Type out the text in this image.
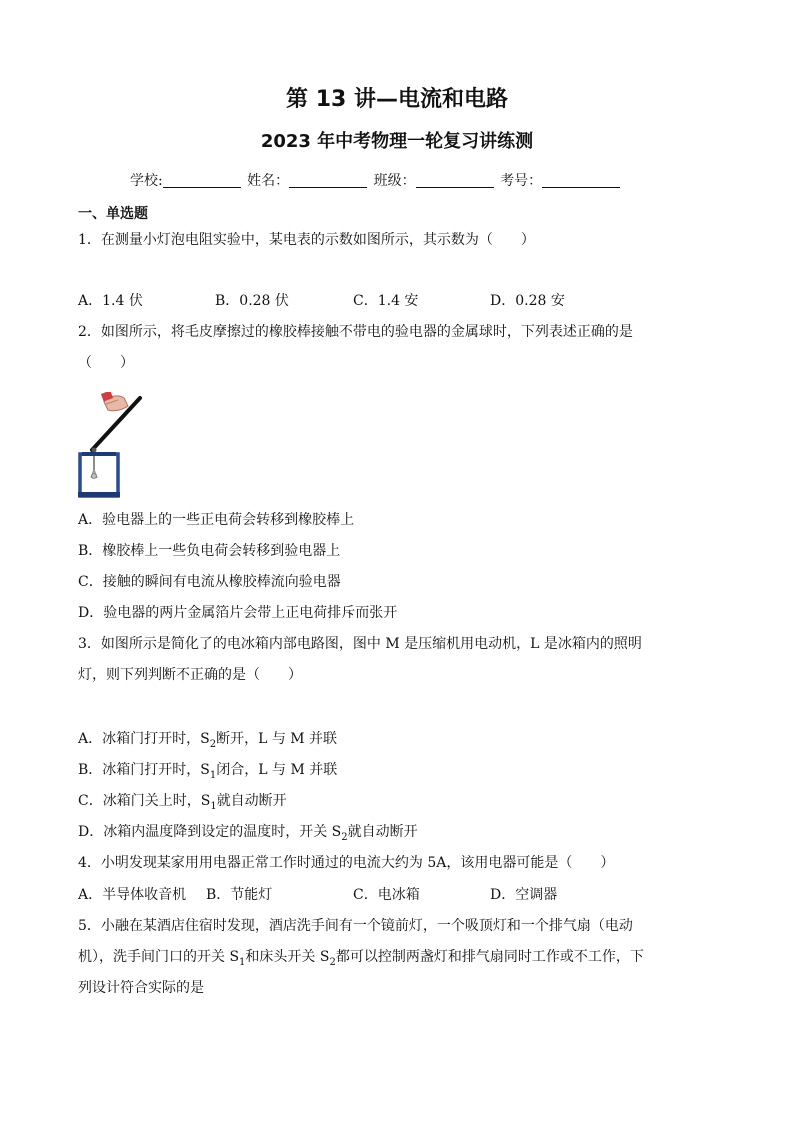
第 13 讲—电流和电路
2023 年中考物理一轮复习讲练测
学校:	姓名：	班级：	考号：
一、单选题
1．在测量小灯泡电阻实验中，某电表的示数如图所示，其示数为（　　）
A．1.4 伏	B．0.28 伏	C．1.4 安	D．0.28 安
2．如图所示，将毛皮摩擦过的橡胶棒接触不带电的验电器的金属球时，下列表述正确的是
（　　）
A．验电器上的一些正电荷会转移到橡胶棒上
B．橡胶棒上一些负电荷会转移到验电器上
C．接触的瞬间有电流从橡胶棒流向验电器
D．验电器的两片金属箔片会带上正电荷排斥而张开
3．如图所示是简化了的电冰箱内部电路图，图中 M 是压缩机用电动机，L 是冰箱内的照明
灯，则下列判断不正确的是（　　）
A．冰箱门打开时，$S_2$断开，L 与 M 并联
B．冰箱门打开时，$S_1$闭合，L 与 M 并联
C．冰箱门关上时，$S_1$就自动断开
D．冰箱内温度降到设定的温度时，开关 $S_2$就自动断开
4．小明发现某家用用电器正常工作时通过的电流大约为 5A，该用电器可能是（　　）
A．半导体收音机 B．节能灯	C．电冰箱	D．空调器
5．小融在某酒店住宿时发现，酒店洗手间有一个镜前灯，一个吸顶灯和一个排气扇（电动
机），洗手间门口的开关 $S_1$和床头开关 $S_2$都可以控制两盏灯和排气扇同时工作或不工作，下
列设计符合实际的是
